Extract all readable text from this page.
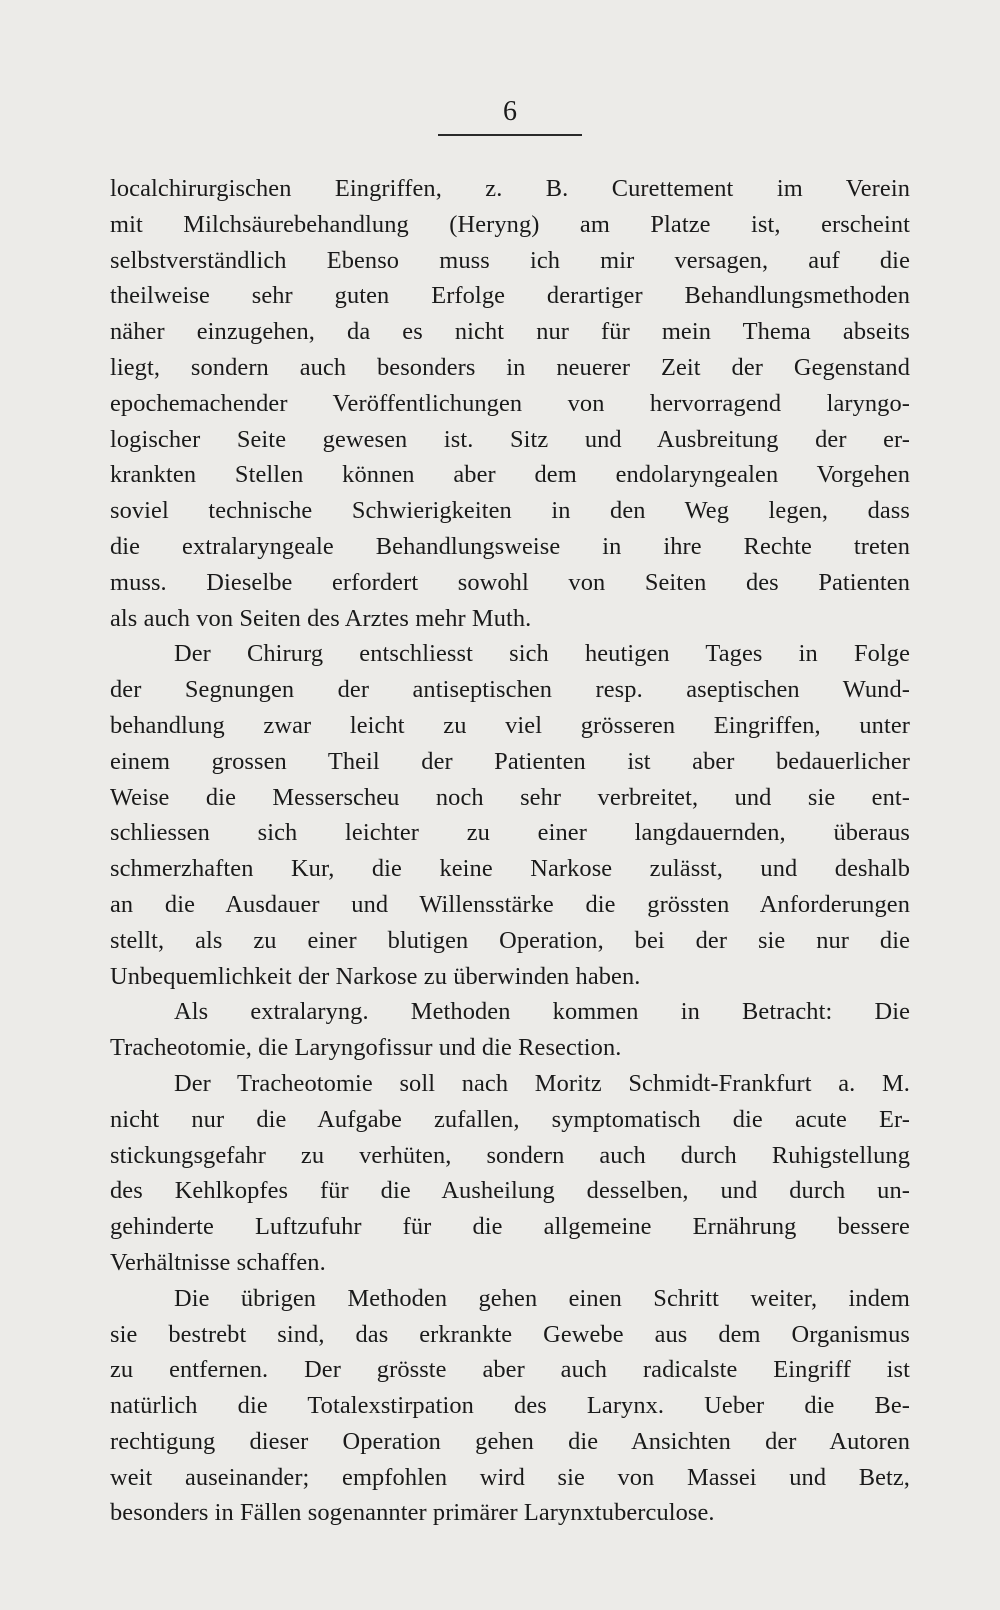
6
localchirurgischen Eingriffen, z. B. Curettement im Verein
mit Milchsäurebehandlung (Heryng) am Platze ist, erscheint
selbstverständlich Ebenso muss ich mir versagen, auf die
theilweise sehr guten Erfolge derartiger Behandlungsmethoden
näher einzugehen, da es nicht nur für mein Thema abseits
liegt, sondern auch besonders in neuerer Zeit der Gegenstand
epochemachender Veröffentlichungen von hervorragend laryngo-
logischer Seite gewesen ist. Sitz und Ausbreitung der er-
krankten Stellen können aber dem endolaryngealen Vorgehen
soviel technische Schwierigkeiten in den Weg legen, dass
die extralaryngeale Behandlungsweise in ihre Rechte treten
muss. Dieselbe erfordert sowohl von Seiten des Patienten
als auch von Seiten des Arztes mehr Muth.
Der Chirurg entschliesst sich heutigen Tages in Folge
der Segnungen der antiseptischen resp. aseptischen Wund-
behandlung zwar leicht zu viel grösseren Eingriffen, unter
einem grossen Theil der Patienten ist aber bedauerlicher
Weise die Messerscheu noch sehr verbreitet, und sie ent-
schliessen sich leichter zu einer langdauernden, überaus
schmerzhaften Kur, die keine Narkose zulässt, und deshalb
an die Ausdauer und Willensstärke die grössten Anforderungen
stellt, als zu einer blutigen Operation, bei der sie nur die
Unbequemlichkeit der Narkose zu überwinden haben.
Als extralaryng. Methoden kommen in Betracht: Die
Tracheotomie, die Laryngofissur und die Resection.
Der Tracheotomie soll nach Moritz Schmidt-Frankfurt a. M.
nicht nur die Aufgabe zufallen, symptomatisch die acute Er-
stickungsgefahr zu verhüten, sondern auch durch Ruhigstellung
des Kehlkopfes für die Ausheilung desselben, und durch un-
gehinderte Luftzufuhr für die allgemeine Ernährung bessere
Verhältnisse schaffen.
Die übrigen Methoden gehen einen Schritt weiter, indem
sie bestrebt sind, das erkrankte Gewebe aus dem Organismus
zu entfernen. Der grösste aber auch radicalste Eingriff ist
natürlich die Totalexstirpation des Larynx. Ueber die Be-
rechtigung dieser Operation gehen die Ansichten der Autoren
weit auseinander; empfohlen wird sie von Massei und Betz,
besonders in Fällen sogenannter primärer Larynxtuberculose.
